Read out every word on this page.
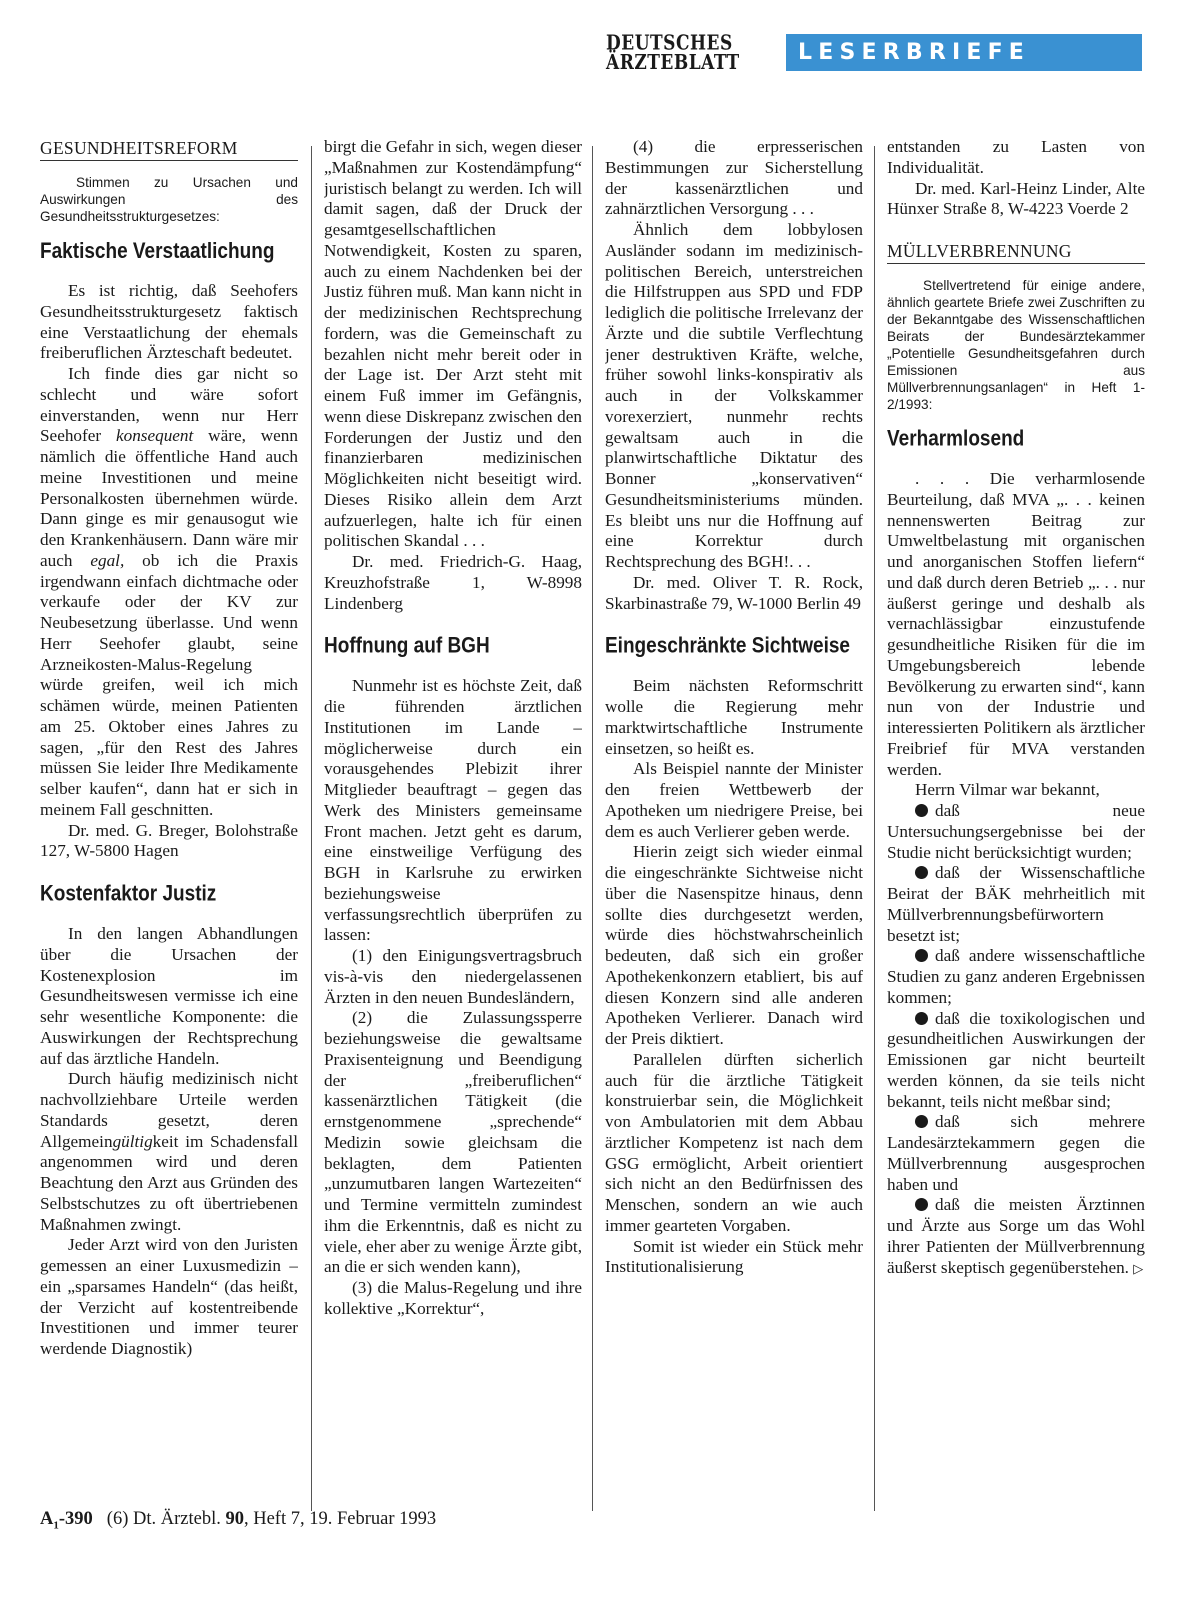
DEUTSCHES
ÄRZTEBLATT	LESERBRIEFE
GESUNDHEITSREFORM

Stimmen zu Ursachen und Auswirkungen des Gesundheitsstrukturgesetzes:

Faktische Verstaatlichung

Es ist richtig, daß Seehofers Gesundheitsstrukturgesetz faktisch eine Verstaatlichung der ehemals freiberuflichen Ärzteschaft bedeutet.

Ich finde dies gar nicht so schlecht und wäre sofort einverstanden, wenn nur Herr Seehofer konsequent wäre, wenn nämlich die öffentliche Hand auch meine Investitionen und meine Personalkosten übernehmen würde. Dann ginge es mir genausogut wie den Krankenhäusern. Dann wäre mir auch egal, ob ich die Praxis irgendwann einfach dichtmache oder verkaufe oder der KV zur Neubesetzung überlasse. Und wenn Herr Seehofer glaubt, seine Arzneikosten-Malus-Regelung würde greifen, weil ich mich schämen würde, meinen Patienten am 25. Oktober eines Jahres zu sagen, „für den Rest des Jahres müssen Sie leider Ihre Medikamente selber kaufen“, dann hat er sich in meinem Fall geschnitten.

Dr. med. G. Breger, Bolohstraße 127, W-5800 Hagen

Kostenfaktor Justiz

In den langen Abhandlungen über die Ursachen der Kostenexplosion im Gesundheitswesen vermisse ich eine sehr wesentliche Komponente: die Auswirkungen der Rechtsprechung auf das ärztliche Handeln.

Durch häufig medizinisch nicht nachvollziehbare Urteile werden Standards gesetzt, deren Allgemeingültigkeit im Schadensfall angenommen wird und deren Beachtung den Arzt aus Gründen des Selbstschutzes zu oft übertriebenen Maßnahmen zwingt.

Jeder Arzt wird von den Juristen gemessen an einer Luxusmedizin – ein „sparsames Handeln“ (das heißt, der Verzicht auf kostentreibende Investitionen und immer teurer werdende Diagnostik)

birgt die Gefahr in sich, wegen dieser „Maßnahmen zur Kostendämpfung“ juristisch belangt zu werden. Ich will damit sagen, daß der Druck der gesamtgesellschaftlichen Notwendigkeit, Kosten zu sparen, auch zu einem Nachdenken bei der Justiz führen muß. Man kann nicht in der medizinischen Rechtsprechung fordern, was die Gemeinschaft zu bezahlen nicht mehr bereit oder in der Lage ist. Der Arzt steht mit einem Fuß immer im Gefängnis, wenn diese Diskrepanz zwischen den Forderungen der Justiz und den finanzierbaren medizinischen Möglichkeiten nicht beseitigt wird. Dieses Risiko allein dem Arzt aufzuerlegen, halte ich für einen politischen Skandal . . .

Dr. med. Friedrich-G. Haag, Kreuzhofstraße 1, W-8998 Lindenberg

Hoffnung auf BGH

Nunmehr ist es höchste Zeit, daß die führenden ärztlichen Institutionen im Lande – möglicherweise durch ein vorausgehendes Plebizit ihrer Mitglieder beauftragt – gegen das Werk des Ministers gemeinsame Front machen. Jetzt geht es darum, eine einstweilige Verfügung des BGH in Karlsruhe zu erwirken beziehungsweise verfassungsrechtlich überprüfen zu lassen:

(1) den Einigungsvertragsbruch vis-à-vis den niedergelassenen Ärzten in den neuen Bundesländern,

(2) die Zulassungssperre beziehungsweise die gewaltsame Praxisenteignung und Beendigung der „freiberuflichen“ kassenärztlichen Tätigkeit (die ernstgenommene „sprechende“ Medizin sowie gleichsam die beklagten, dem Patienten „unzumutbaren langen Wartezeiten“ und Termine vermitteln zumindest ihm die Erkenntnis, daß es nicht zu viele, eher aber zu wenige Ärzte gibt, an die er sich wenden kann),

(3) die Malus-Regelung und ihre kollektive „Korrektur“,

(4) die erpresserischen Bestimmungen zur Sicherstellung der kassenärztlichen und zahnärztlichen Versorgung . . .

Ähnlich dem lobbylosen Ausländer sodann im medizinisch-politischen Bereich, unterstreichen die Hilfstruppen aus SPD und FDP lediglich die politische Irrelevanz der Ärzte und die subtile Verflechtung jener destruktiven Kräfte, welche, früher sowohl links-konspirativ als auch in der Volkskammer vorexerziert, nunmehr rechts gewaltsam auch in die planwirtschaftliche Diktatur des Bonner „konservativen“ Gesundheitsministeriums münden. Es bleibt uns nur die Hoffnung auf eine Korrektur durch Rechtsprechung des BGH!. . .

Dr. med. Oliver T. R. Rock, Skarbinastraße 79, W-1000 Berlin 49

Eingeschränkte Sichtweise

Beim nächsten Reformschritt wolle die Regierung mehr marktwirtschaftliche Instrumente einsetzen, so heißt es.

Als Beispiel nannte der Minister den freien Wettbewerb der Apotheken um niedrigere Preise, bei dem es auch Verlierer geben werde.

Hierin zeigt sich wieder einmal die eingeschränkte Sichtweise nicht über die Nasenspitze hinaus, denn sollte dies durchgesetzt werden, würde dies höchstwahrscheinlich bedeuten, daß sich ein großer Apothekenkonzern etabliert, bis auf diesen Konzern sind alle anderen Apotheken Verlierer. Danach wird der Preis diktiert.

Parallelen dürften sicherlich auch für die ärztliche Tätigkeit konstruierbar sein, die Möglichkeit von Ambulatorien mit dem Abbau ärztlicher Kompetenz ist nach dem GSG ermöglicht, Arbeit orientiert sich nicht an den Bedürfnissen des Menschen, sondern an wie auch immer gearteten Vorgaben.

Somit ist wieder ein Stück mehr Institutionalisierung

entstanden zu Lasten von Individualität.

Dr. med. Karl-Heinz Linder, Alte Hünxer Straße 8, W-4223 Voerde 2

MÜLLVERBRENNUNG

Stellvertretend für einige andere, ähnlich geartete Briefe zwei Zuschriften zu der Bekanntgabe des Wissenschaftlichen Beirats der Bundesärztekammer „Potentielle Gesundheitsgefahren durch Emissionen aus Müllverbrennungsanlagen“ in Heft 1-2/1993:

Verharmlosend

. . . Die verharmlosende Beurteilung, daß MVA „. . . keinen nennenswerten Beitrag zur Umweltbelastung mit organischen und anorganischen Stoffen liefern“ und daß durch deren Betrieb „. . . nur äußerst geringe und deshalb als vernachlässigbar einzustufende gesundheitliche Risiken für die im Umgebungsbereich lebende Bevölkerung zu erwarten sind“, kann nun von der Industrie und interessierten Politikern als ärztlicher Freibrief für MVA verstanden werden.

Herrn Vilmar war bekannt,

daß neue Untersuchungsergebnisse bei der Studie nicht berücksichtigt wurden;

daß der Wissenschaftliche Beirat der BÄK mehrheitlich mit Müllverbrennungsbefürwortern besetzt ist;

daß andere wissenschaftliche Studien zu ganz anderen Ergebnissen kommen;

daß die toxikologischen und gesundheitlichen Auswirkungen der Emissionen gar nicht beurteilt werden können, da sie teils nicht bekannt, teils nicht meßbar sind;

daß sich mehrere Landesärztekammern gegen die Müllverbrennung ausgesprochen haben und

daß die meisten Ärztinnen und Ärzte aus Sorge um das Wohl ihrer Patienten der Müllverbrennung äußerst skeptisch gegenüberstehen. ▷

$A_1-390$ (6) Dt. Ärztebl. 90, Heft 7, 19. Februar 1993
